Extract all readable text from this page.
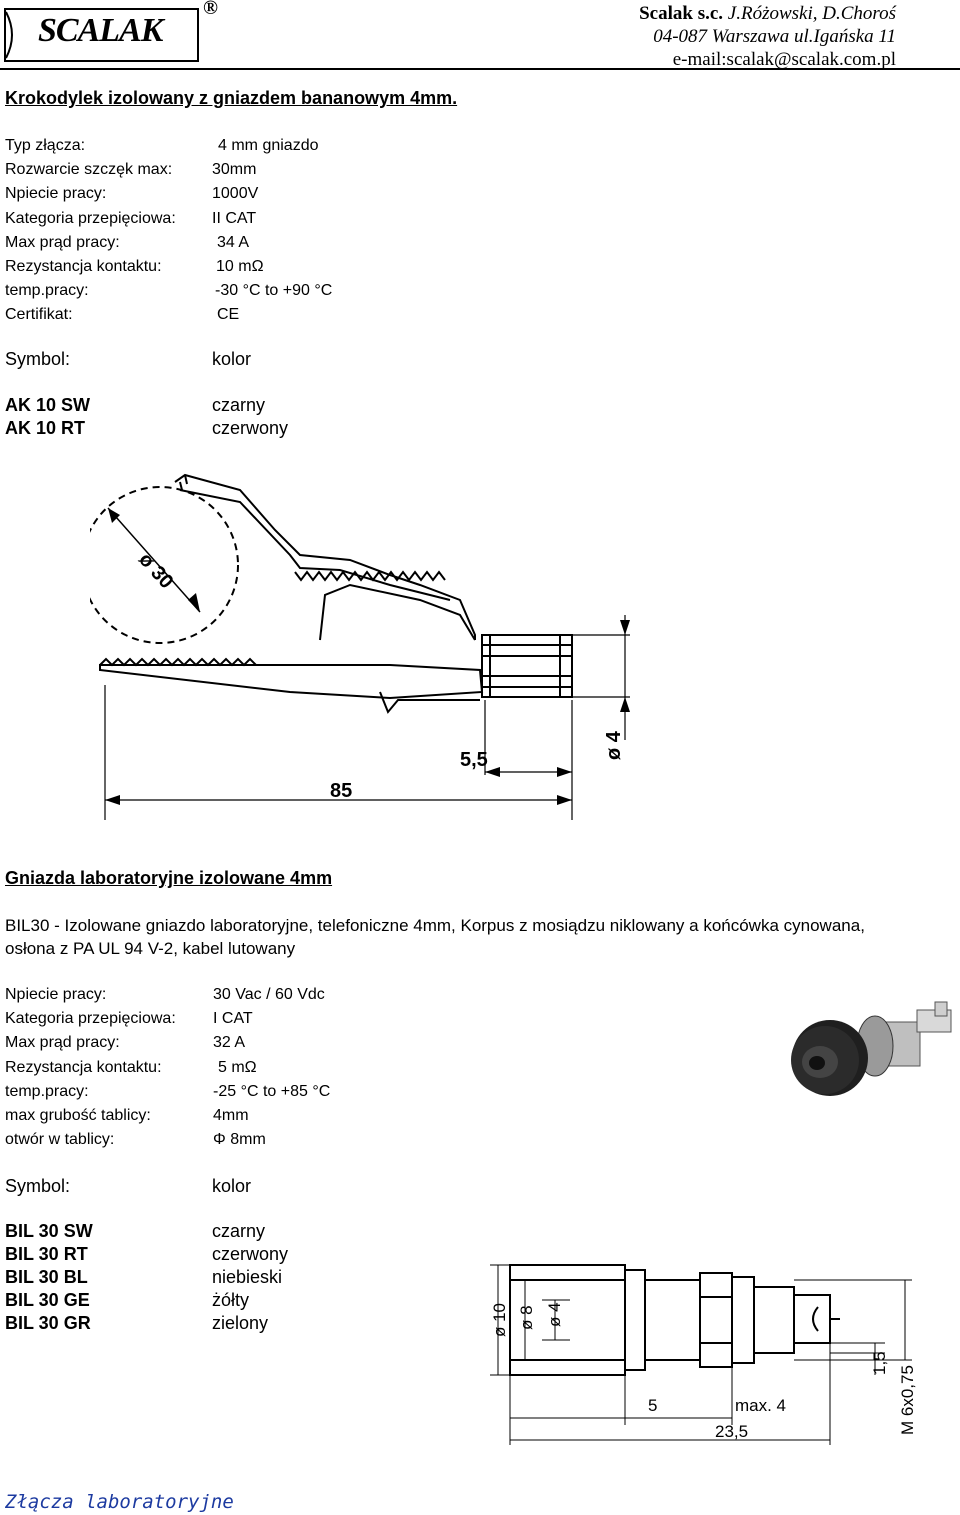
SCALAK
®	Scalak s.c. J.Różowski, D.Choroś
04-087 Warszawa ul.Igańska 11
e-mail:scalak@scalak.com.pl
Krokodylek izolowany z gniazdem bananowym 4mm.
Typ złącza:	4 mm gniazdo
Rozwarcie szczęk max: 30mm
Npiecie pracy:	1000V
Kategoria przepięciowa: II CAT
Max prąd pracy:	34 A
Rezystancja kontaktu:	10 mΩ
temp.pracy:	-30 °C to +90 °C
Certifikat:	CE
Symbol:	kolor
AK 10 SW	czarny
AK 10 RT	czerwony
85
5,5	ø 4
ø 30
Gniazda laboratoryjne izolowane 4mm
BIL30 - Izolowane gniazdo laboratoryjne, telefoniczne 4mm, Korpus z mosiądzu niklowany a końcówka cynowana, osłona z PA UL 94 V-2, kabel lutowany
Npiecie pracy:	30 Vac / 60 Vdc
Kategoria przepięciowa: I CAT
Max prąd pracy:	32 A
Rezystancja kontaktu:	5 mΩ
temp.pracy:	-25 °C to +85 °C
max grubość tablicy:	4mm
otwór w tablicy:	Φ 8mm
Symbol:	kolor
BIL 30 SW	czarny
BIL 30 RT	czerwony
BIL 30 BL	niebieski
BIL 30 GE	żółty
BIL 30 GR	zielony	ø 10 ø 8 ø 4
1,5
M 6x0,75
5	max. 4
23,5
Złącza laboratoryjne
